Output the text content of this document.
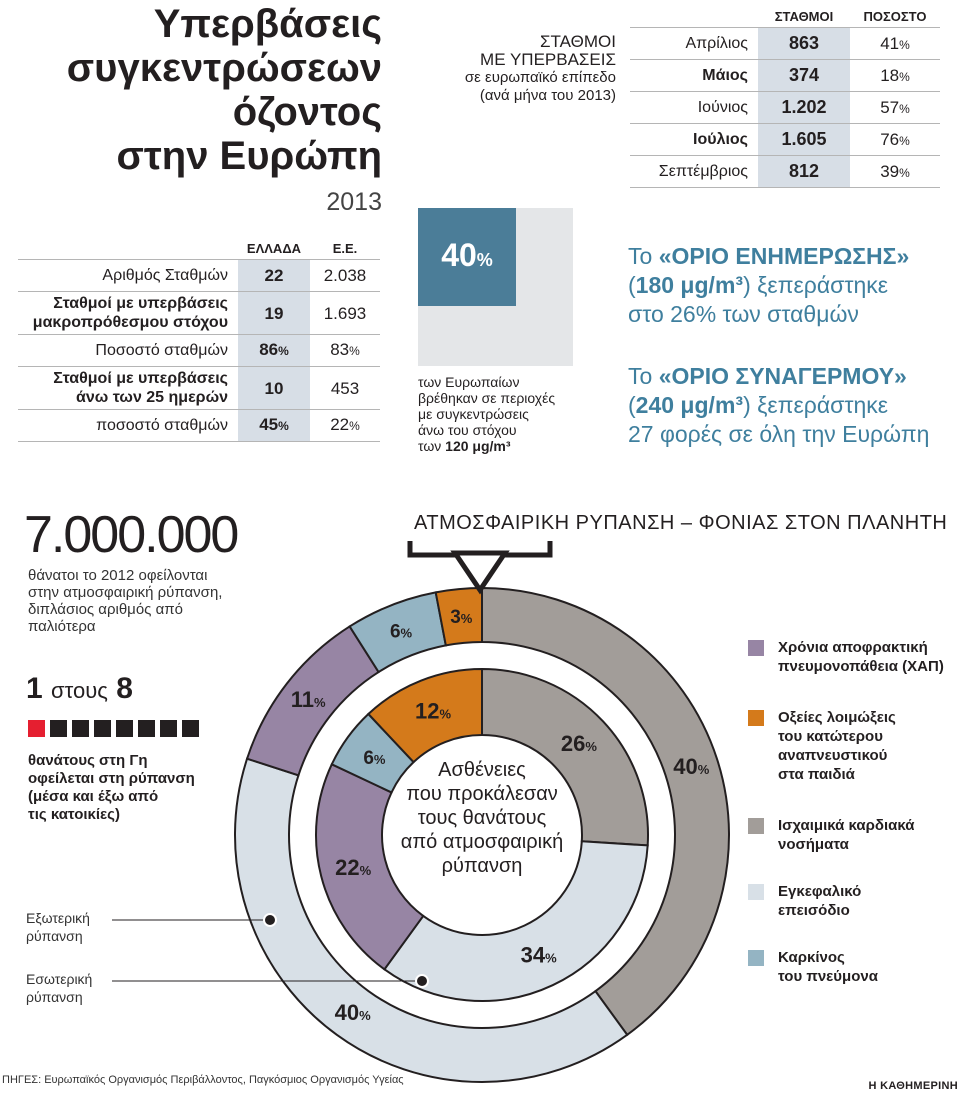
Υπερβάσεις
συγκεντρώσεων
όζοντος
στην Ευρώπη
2013
	ΕΛΛΑΔΑ	Ε.Ε.

Αριθμός Σταθμών	22	2.038

Σταθμοί με υπερβάσεις
μακροπρόθεσμου στόχου	19	1.693

Ποσοστό σταθμών	86%	83%

Σταθμοί με υπερβάσεις
άνω των 25 ημερών	10	453

ποσοστό σταθμών	45%	22%
ΣΤΑΘΜΟΙ
ΜΕ ΥΠΕΡΒΑΣΕΙΣ
σε ευρωπαϊκό επίπεδο
(ανά μήνα του 2013)
	ΣΤΑΘΜΟΙ	ΠΟΣΟΣΤΟ
Απρίλιος	863	41%
Μάιος	374	18%
Ιούνιος	1.202	57%
Ιούλιος	1.605	76%
Σεπτέμβριος	812	39%
40%
των Ευρωπαίων
βρέθηκαν σε περιοχές
με συγκεντρώσεις
άνω του στόχου
των 120 μg/m³
Το «ΟΡΙΟ ΕΝΗΜΕΡΩΣΗΣ»
(180 μg/m³) ξεπεράστηκε
στο 26% των σταθμών
Το «ΟΡΙΟ ΣΥΝΑΓΕΡΜΟΥ»
(240 μg/m³) ξεπεράστηκε
27 φορές σε όλη την Ευρώπη
7.000.000
θάνατοι το 2012 οφείλονται
στην ατμοσφαιρική ρύπανση,
διπλάσιος αριθμός από
παλιότερα
1 στους 8
θανάτους στη Γη
οφείλεται στη ρύπανση
(μέσα και έξω από
τις κατοικίες)
ΑΤΜΟΣΦΑΙΡΙΚΗ ΡΥΠΑΝΣΗ – ΦΟΝΙΑΣ ΣΤΟΝ ΠΛΑΝΗΤΗ
40%
40%
11%
6%
3%
26%
34%
22%
6%
12%
Ασθένειες
που προκάλεσαν
τους θανάτους
από ατμοσφαιρική
ρύπανση
Εξωτερική
ρύπανση
Εσωτερική
ρύπανση
Χρόνια αποφρακτική
πνευμονοπάθεια (ΧΑΠ)
Οξείες λοιμώξεις
του κατώτερου
αναπνευστικού
στα παιδιά
Ισχαιμικά καρδιακά
νοσήματα
Εγκεφαλικό
επεισόδιο
Καρκίνος
του πνεύμονα
ΠΗΓΕΣ: Ευρωπαϊκός Οργανισμός Περιβάλλοντος, Παγκόσμιος Οργανισμός Υγείας	Η ΚΑΘΗΜΕΡΙΝΗ
